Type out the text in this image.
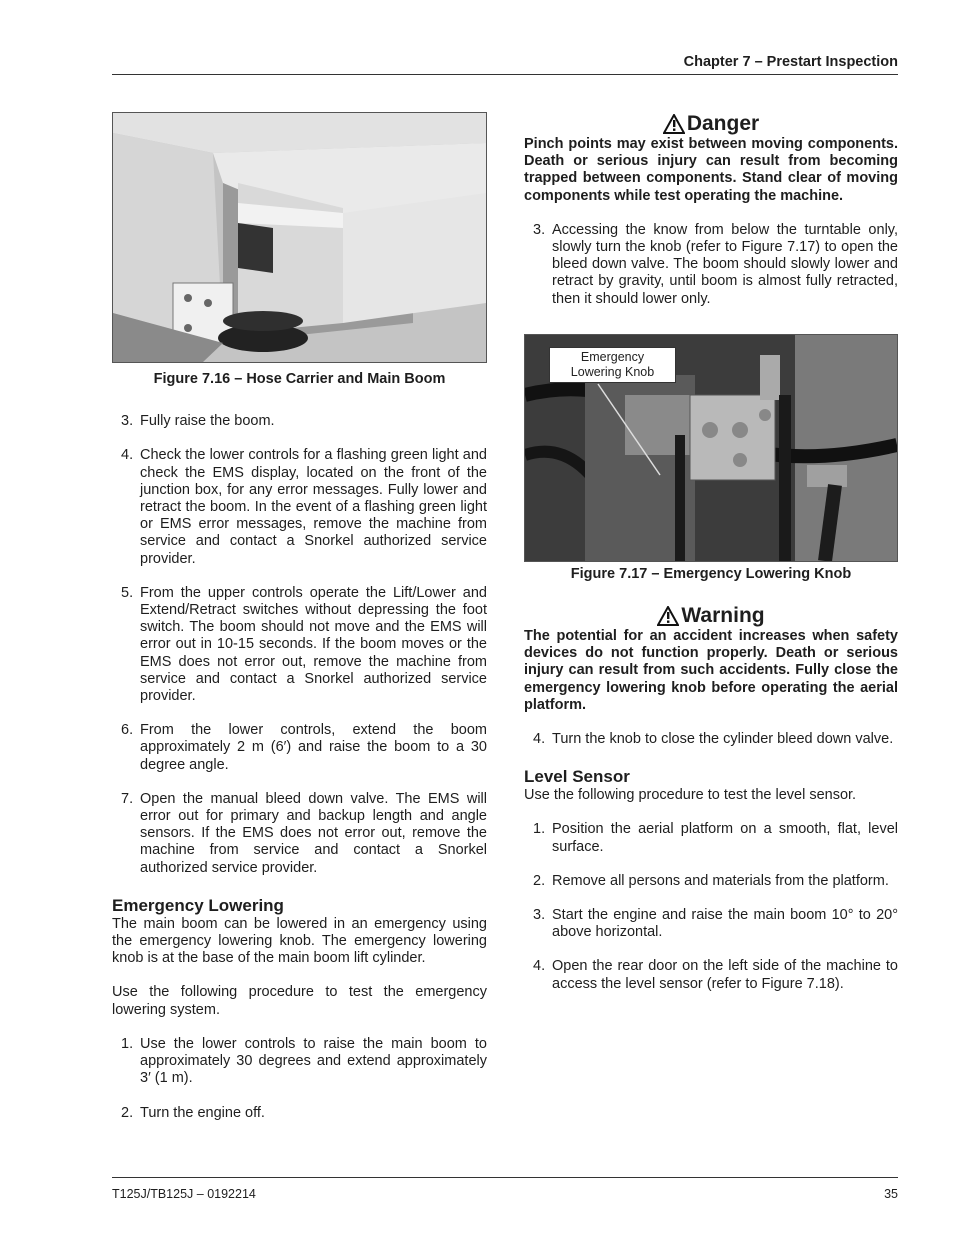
Chapter 7 – Prestart Inspection
Figure 7.16 – Hose Carrier and Main Boom
3. Fully raise the boom.
4. Check the lower controls for a flashing green light and check the EMS display, located on the front of the junction box, for any error messages. Fully lower and retract the boom. In the event of a flashing green light or EMS error messages, remove the machine from service and contact a Snorkel authorized service provider.
5. From the upper controls operate the Lift/Lower and Extend/Retract switches without depressing the foot switch. The boom should not move and the EMS will error out in 10-15 seconds. If the boom moves or the EMS does not error out, remove the machine from service and contact a Snorkel authorized service provider.
6. From the lower controls, extend the boom approximately 2 m (6′) and raise the boom to a 30 degree angle.
7. Open the manual bleed down valve. The EMS will error out for primary and backup length and angle sensors. If the EMS does not error out, remove the machine from service and contact a Snorkel authorized service provider.
Emergency Lowering

The main boom can be lowered in an emergency using the emergency lowering knob. The emergency lowering knob is at the base of the main boom lift cylinder.

Use the following procedure to test the emergency lowering system.

1. Use the lower controls to raise the main boom to approximately 30 degrees and extend approximately 3′ (1 m).
2. Turn the engine off.
Danger

Pinch points may exist between moving components. Death or serious injury can result from becoming trapped between components. Stand clear of moving components while test operating the machine.

3. Accessing the know from below the turntable only, slowly turn the knob (refer to Figure 7.17) to open the bleed down valve. The boom should slowly lower and retract by gravity, until boom is almost fully retracted, then it should lower only.
Emergency
Lowering Knob
Figure 7.17 – Emergency Lowering Knob
Warning

The potential for an accident increases when safety devices do not function properly. Death or serious injury can result from such accidents. Fully close the emergency lowering knob before operating the aerial platform.

4. Turn the knob to close the cylinder bleed down valve.
Level Sensor

Use the following procedure to test the level sensor.

1. Position the aerial platform on a smooth, flat, level surface.
2. Remove all persons and materials from the platform.
3. Start the engine and raise the main boom 10° to 20° above horizontal.
4. Open the rear door on the left side of the machine to access the level sensor (refer to Figure 7.18).
T125J/TB125J – 0192214	35
